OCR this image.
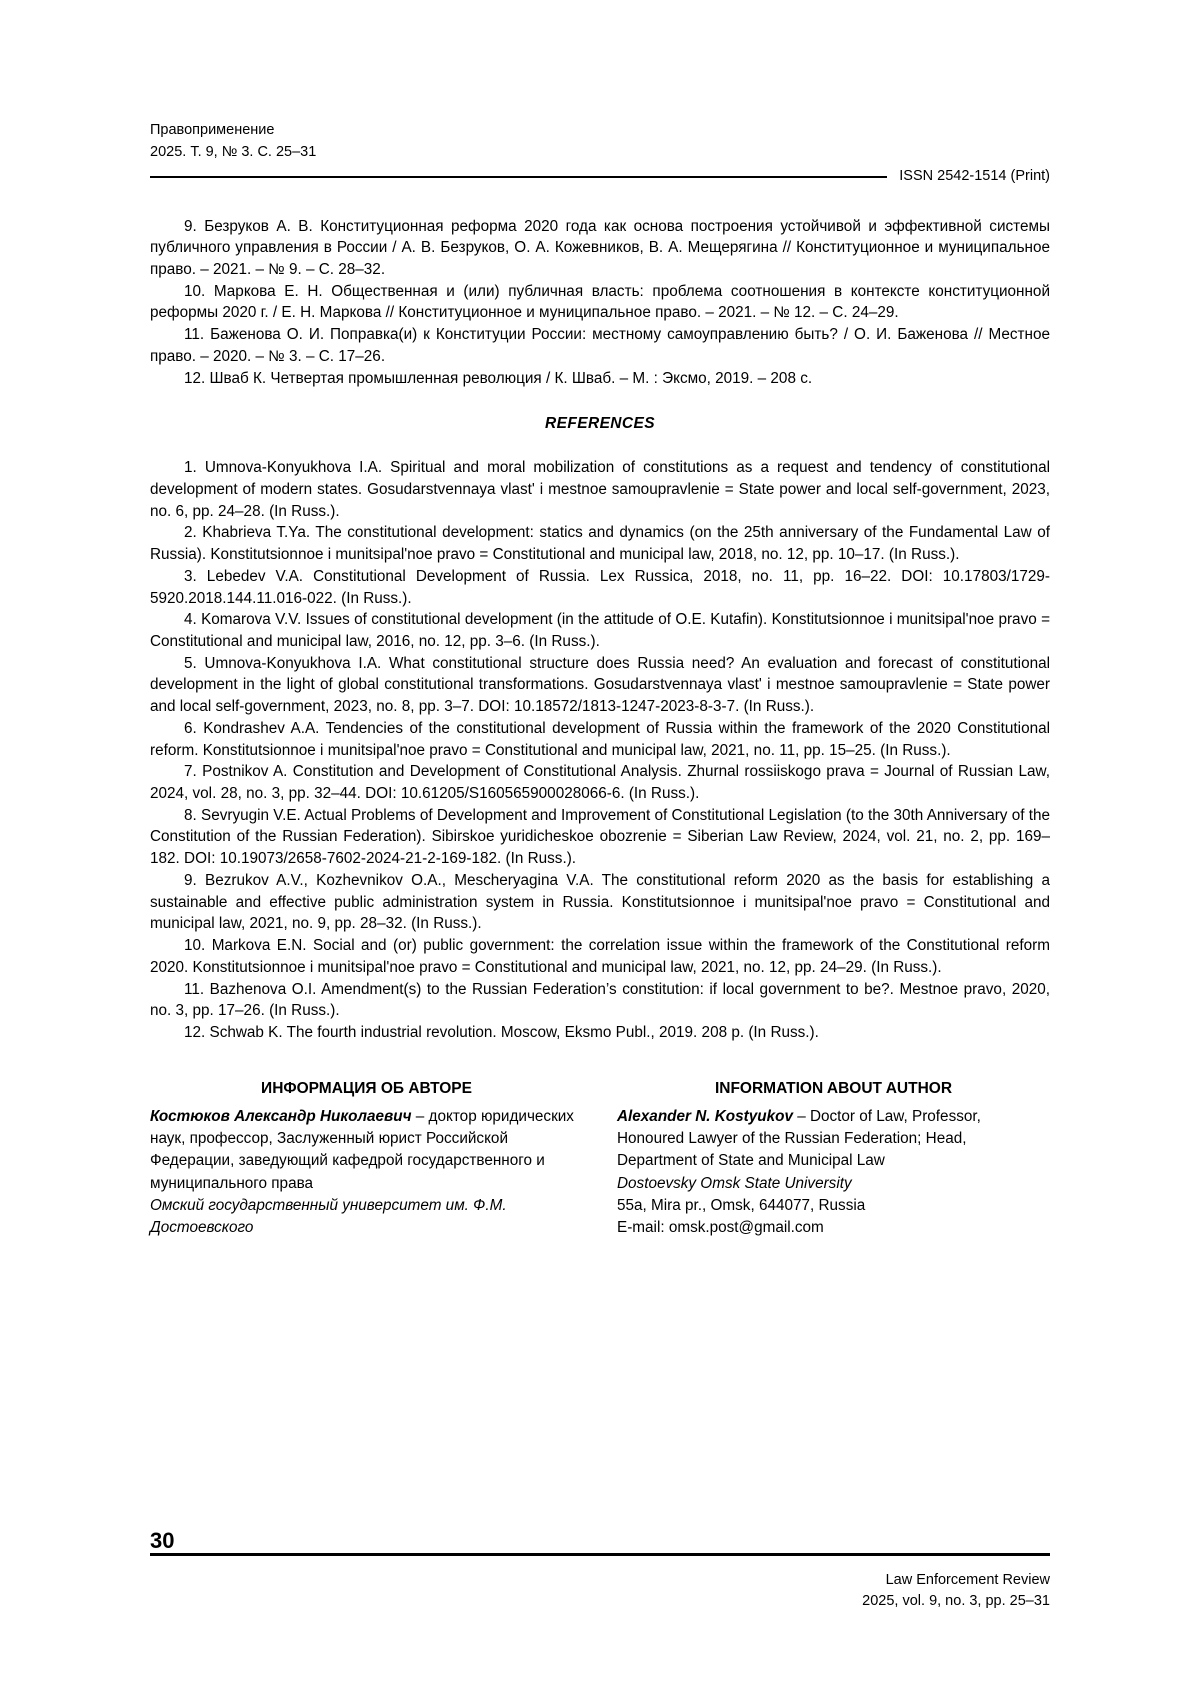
Правоприменение
2025. Т. 9, № 3. С. 25–31
ISSN 2542-1514 (Print)

9. Безруков А. В. Конституционная реформа 2020 года как основа построения устойчивой и эффективной системы публичного управления в России / А. В. Безруков, О. А. Кожевников, В. А. Мещерягина // Конституционное и муниципальное право. – 2021. – № 9. – С. 28–32.

10. Маркова Е. Н. Общественная и (или) публичная власть: проблема соотношения в контексте конституционной реформы 2020 г. / Е. Н. Маркова // Конституционное и муниципальное право. – 2021. – № 12. – С. 24–29.

11. Баженова О. И. Поправка(и) к Конституции России: местному самоуправлению быть? / О. И. Баженова // Местное право. – 2020. – № 3. – С. 17–26.

12. Шваб К. Четвертая промышленная революция / К. Шваб. – М. : Эксмо, 2019. – 208 с.

REFERENCES

1. Umnova-Konyukhova I.A. Spiritual and moral mobilization of constitutions as a request and tendency of constitutional development of modern states. Gosudarstvennaya vlast' i mestnoe samoupravlenie = State power and local self-government, 2023, no. 6, pp. 24–28. (In Russ.).

2. Khabrieva T.Ya. The constitutional development: statics and dynamics (on the 25th anniversary of the Fundamental Law of Russia). Konstitutsionnoe i munitsipal'noe pravo = Constitutional and municipal law, 2018, no. 12, pp. 10–17. (In Russ.).

3. Lebedev V.A. Constitutional Development of Russia. Lex Russica, 2018, no. 11, pp. 16–22. DOI: 10.17803/1729-5920.2018.144.11.016-022. (In Russ.).

4. Komarova V.V. Issues of constitutional development (in the attitude of O.E. Kutafin). Konstitutsionnoe i munitsipal'noe pravo = Constitutional and municipal law, 2016, no. 12, pp. 3–6. (In Russ.).

5. Umnova-Konyukhova I.A. What constitutional structure does Russia need? An evaluation and forecast of constitutional development in the light of global constitutional transformations. Gosudarstvennaya vlast' i mestnoe samoupravlenie = State power and local self-government, 2023, no. 8, pp. 3–7. DOI: 10.18572/1813-1247-2023-8-3-7. (In Russ.).

6. Kondrashev A.A. Tendencies of the constitutional development of Russia within the framework of the 2020 Constitutional reform. Konstitutsionnoe i munitsipal'noe pravo = Constitutional and municipal law, 2021, no. 11, pp. 15–25. (In Russ.).

7. Postnikov A. Constitution and Development of Constitutional Analysis. Zhurnal rossiiskogo prava = Journal of Russian Law, 2024, vol. 28, no. 3, pp. 32–44. DOI: 10.61205/S160565900028066-6. (In Russ.).

8. Sevryugin V.E. Actual Problems of Development and Improvement of Constitutional Legislation (to the 30th Anniversary of the Constitution of the Russian Federation). Sibirskoe yuridicheskoe obozrenie = Siberian Law Review, 2024, vol. 21, no. 2, pp. 169–182. DOI: 10.19073/2658-7602-2024-21-2-169-182. (In Russ.).

9. Bezrukov A.V., Kozhevnikov O.A., Mescheryagina V.A. The constitutional reform 2020 as the basis for establishing a sustainable and effective public administration system in Russia. Konstitutsionnoe i munitsipal'noe pravo = Constitutional and municipal law, 2021, no. 9, pp. 28–32. (In Russ.).

10. Markova E.N. Social and (or) public government: the correlation issue within the framework of the Constitutional reform 2020. Konstitutsionnoe i munitsipal'noe pravo = Constitutional and municipal law, 2021, no. 12, pp. 24–29. (In Russ.).

11. Bazhenova O.I. Amendment(s) to the Russian Federation’s constitution: if local government to be?. Mestnoe pravo, 2020, no. 3, pp. 17–26. (In Russ.).

12. Schwab K. The fourth industrial revolution. Moscow, Eksmo Publ., 2019. 208 p. (In Russ.).

ИНФОРМАЦИЯ ОБ АВТОРЕ

Костюков Александр Николаевич – доктор юридических наук, профессор, Заслуженный юрист Российской Федерации, заведующий кафедрой государственного и муниципального права

Омский государственный университет им. Ф.М. Достоевского

INFORMATION ABOUT AUTHOR

Alexander N. Kostyukov – Doctor of Law, Professor, Honoured Lawyer of the Russian Federation; Head, Department of State and Municipal Law

Dostoevsky Omsk State University

55a, Mira pr., Omsk, 644077, Russia

E-mail: omsk.post@gmail.com

30
Law Enforcement Review
2025, vol. 9, no. 3, pp. 25–31
